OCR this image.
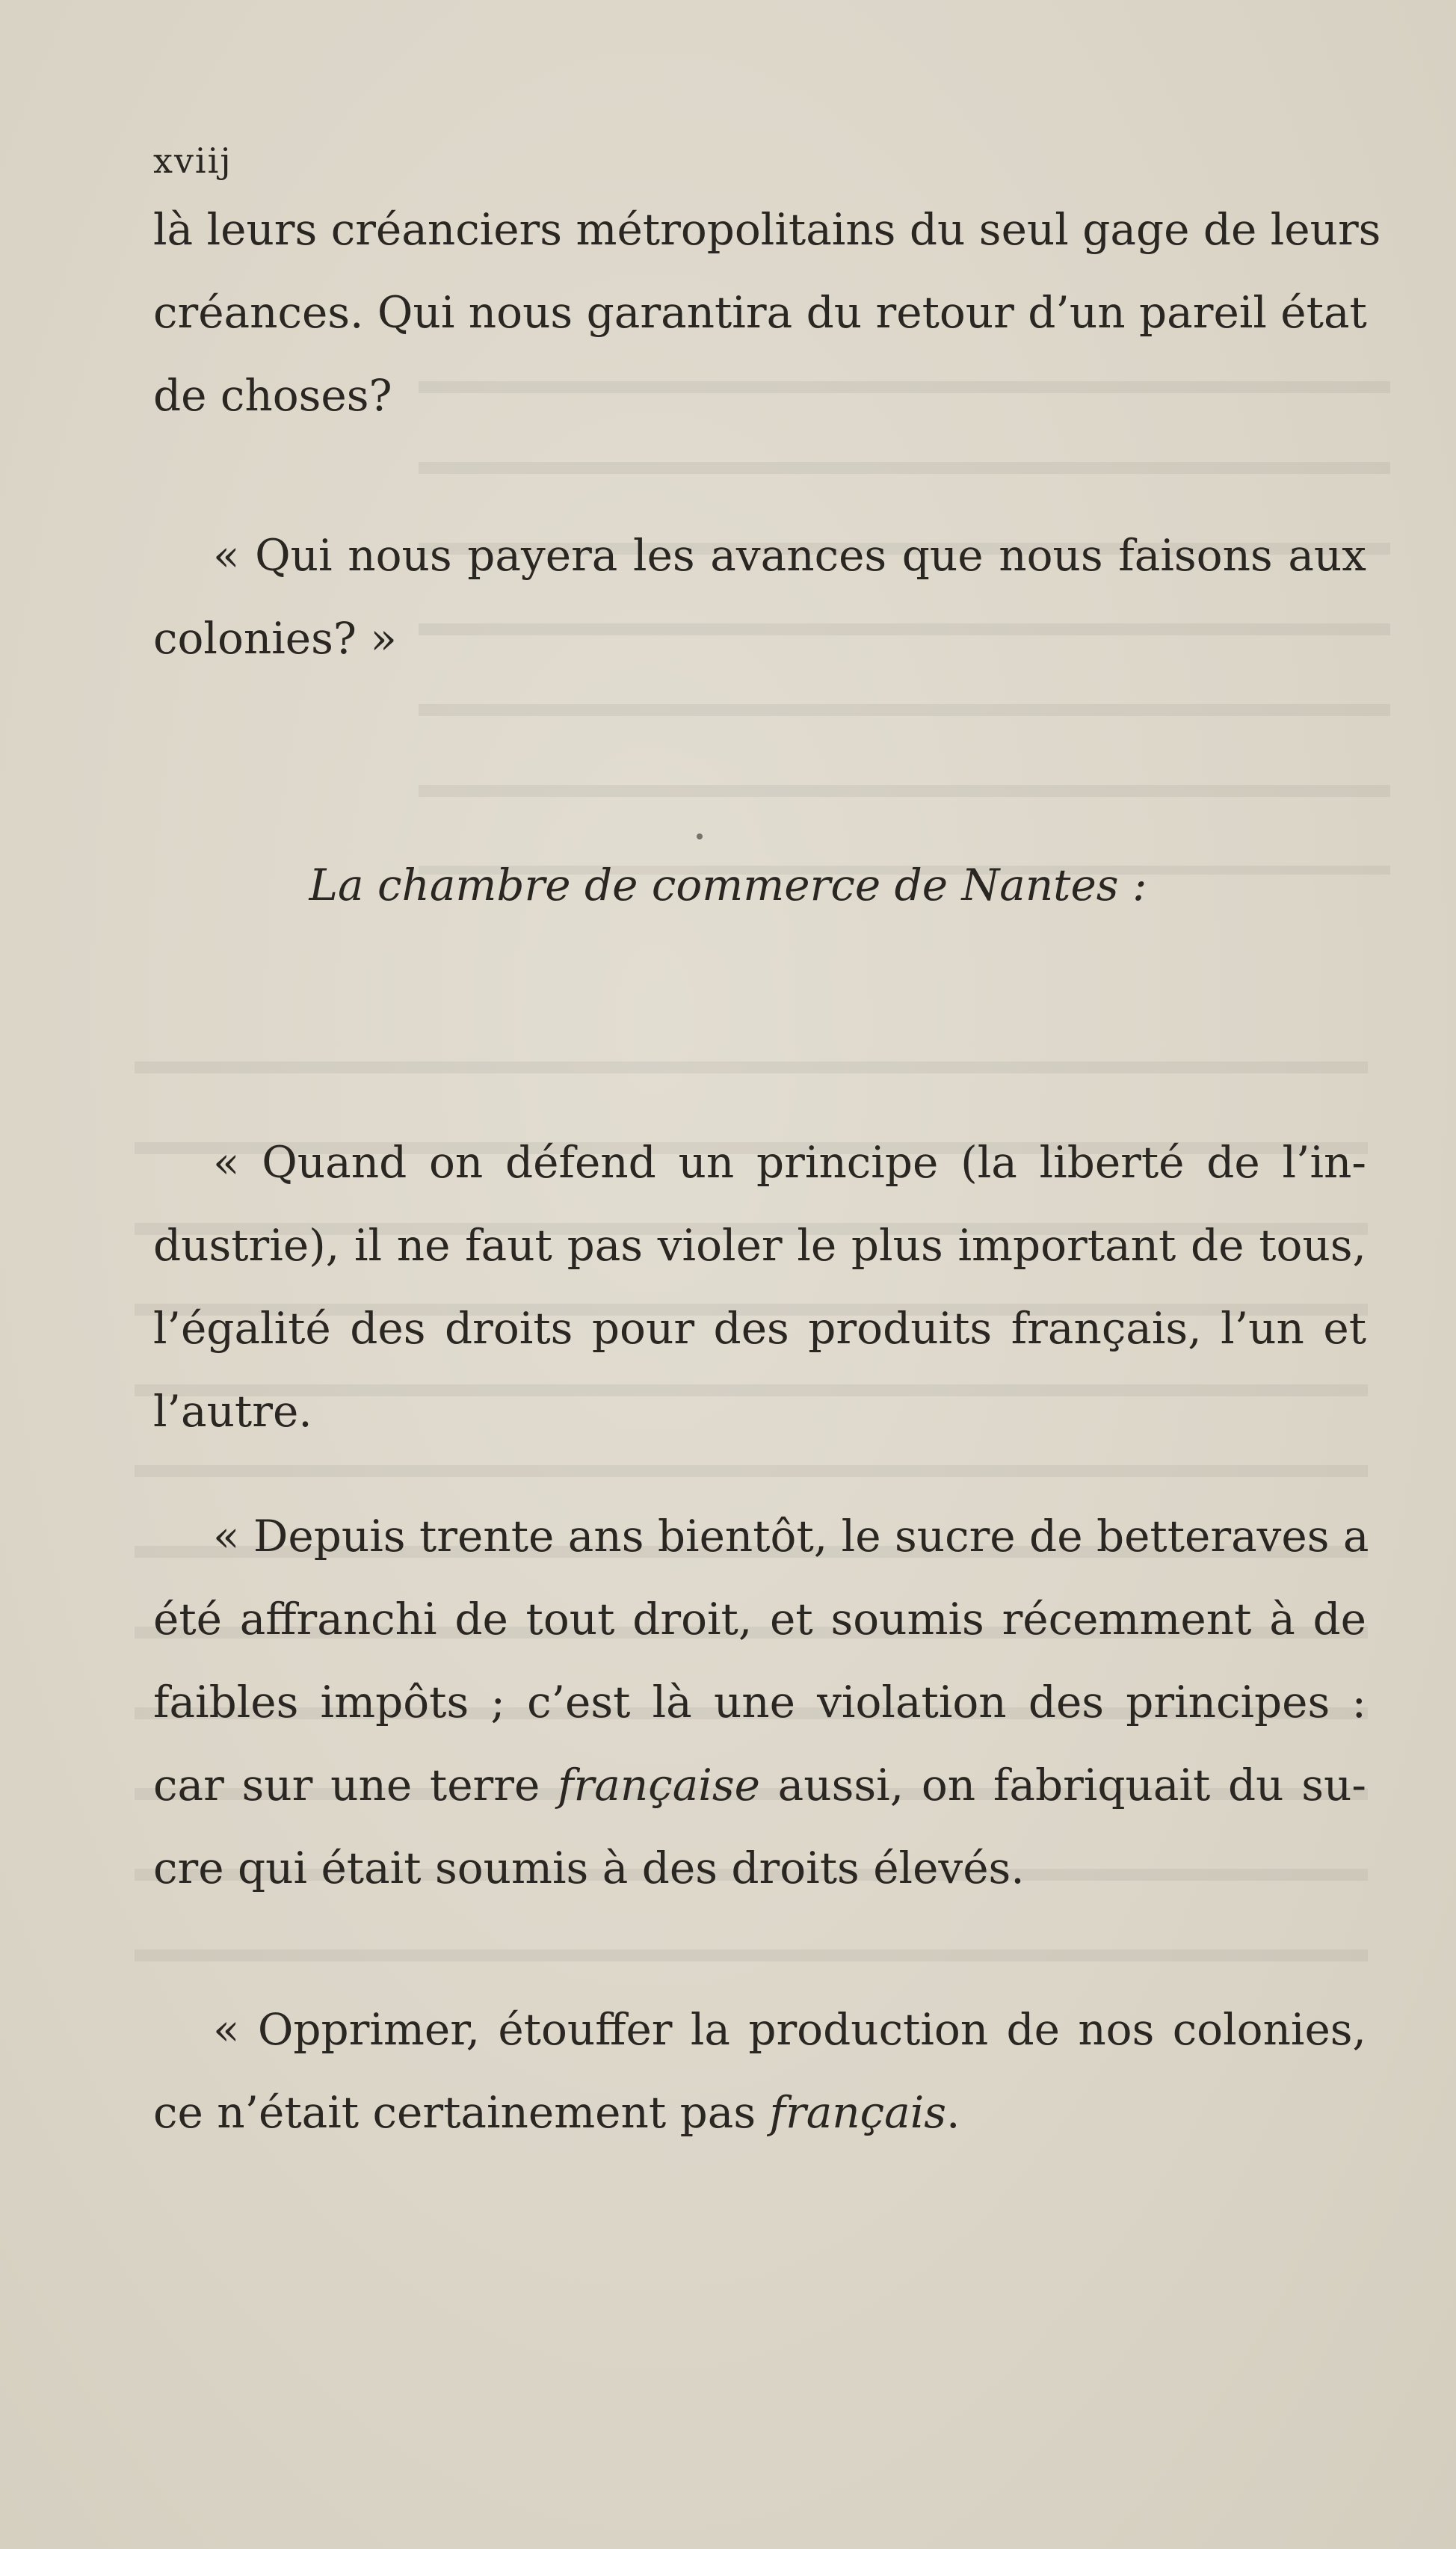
xviij
là leurs créanciers métropolitains du seul gage de leurs
créances. Qui nous garantira du retour d’un pareil état
de choses?
« Qui nous payera les avances que nous faisons aux
colonies? »
La chambre de commerce de Nantes :
« Quand on défend un principe (la liberté de l’in-
dustrie), il ne faut pas violer le plus important de tous,
l’égalité des droits pour des produits français, l’un et
l’autre.
« Depuis trente ans bientôt, le sucre de betteraves a
été affranchi de tout droit, et soumis récemment à de
faibles impôts ; c’est là une violation des principes :
car sur une terre française aussi, on fabriquait du su-
cre qui était soumis à des droits élevés.
« Opprimer, étouffer la production de nos colonies,
ce n’était certainement pas français.
